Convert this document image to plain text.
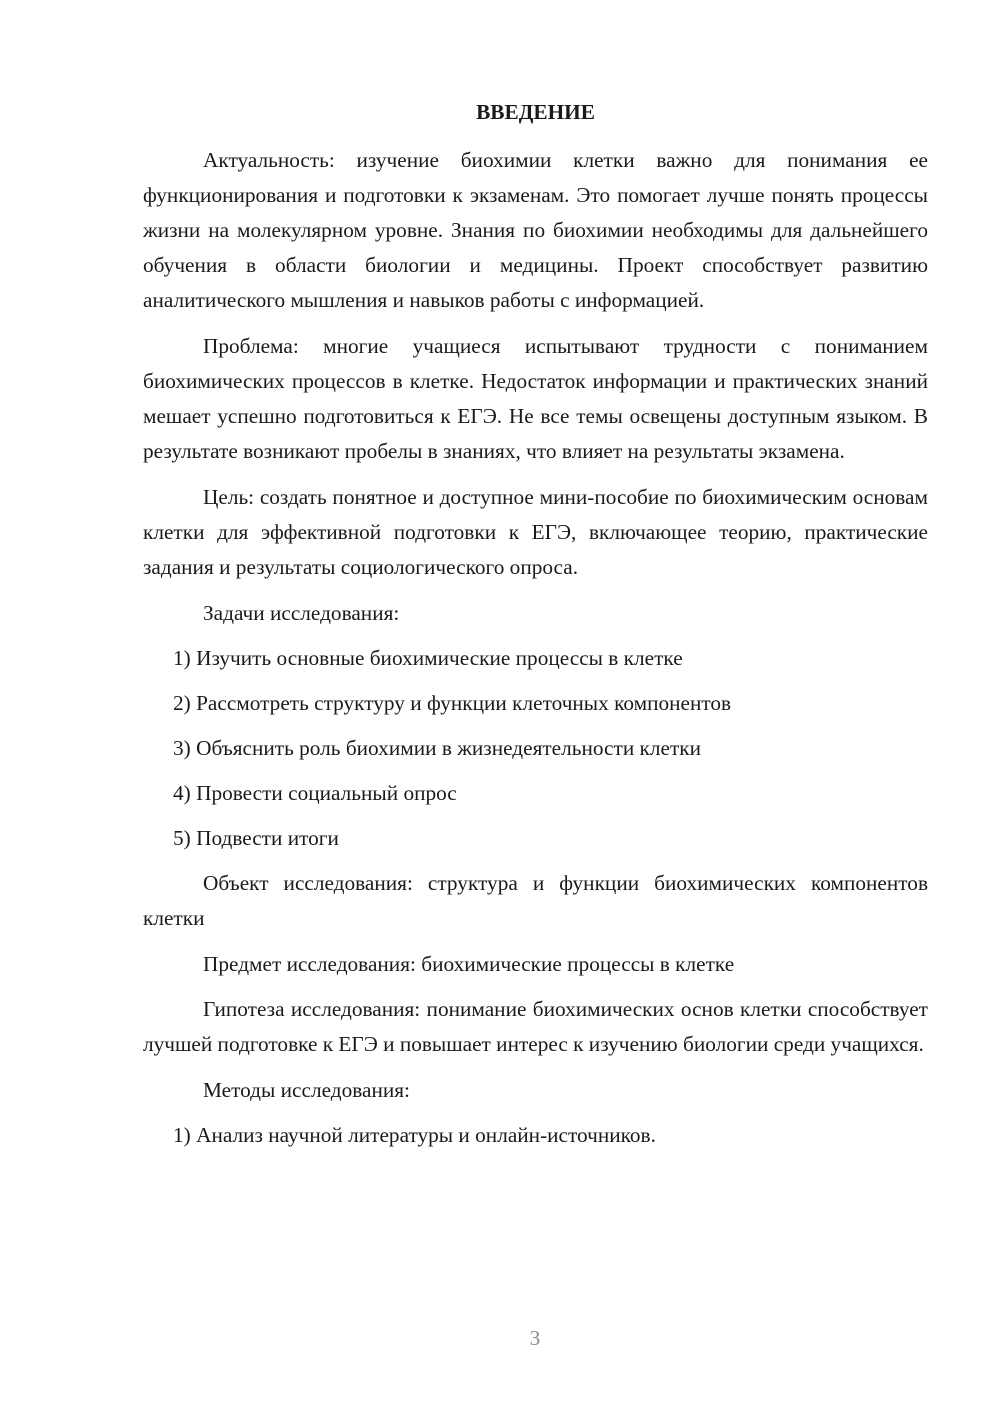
ВВЕДЕНИЕ

Актуальность: изучение биохимии клетки важно для понимания ее функционирования и подготовки к экзаменам. Это помогает лучше понять процессы жизни на молекулярном уровне. Знания по биохимии необходимы для дальнейшего обучения в области биологии и медицины. Проект способствует развитию аналитического мышления и навыков работы с информацией.

Проблема: многие учащиеся испытывают трудности с пониманием биохимических процессов в клетке. Недостаток информации и практических знаний мешает успешно подготовиться к ЕГЭ. Не все темы освещены доступным языком. В результате возникают пробелы в знаниях, что влияет на результаты экзамена.

Цель: создать понятное и доступное мини-пособие по биохимическим основам клетки для эффективной подготовки к ЕГЭ, включающее теорию, практические задания и результаты социологического опроса.

Задачи исследования:
1) Изучить основные биохимические процессы в клетке
2) Рассмотреть структуру и функции клеточных компонентов
3) Объяснить роль биохимии в жизнедеятельности клетки
4) Провести социальный опрос
5) Подвести итоги

Объект исследования: структура и функции биохимических компонентов клетки

Предмет исследования: биохимические процессы в клетке

Гипотеза исследования: понимание биохимических основ клетки способствует лучшей подготовке к ЕГЭ и повышает интерес к изучению биологии среди учащихся.

Методы исследования:
1) Анализ научной литературы и онлайн-источников.
3
